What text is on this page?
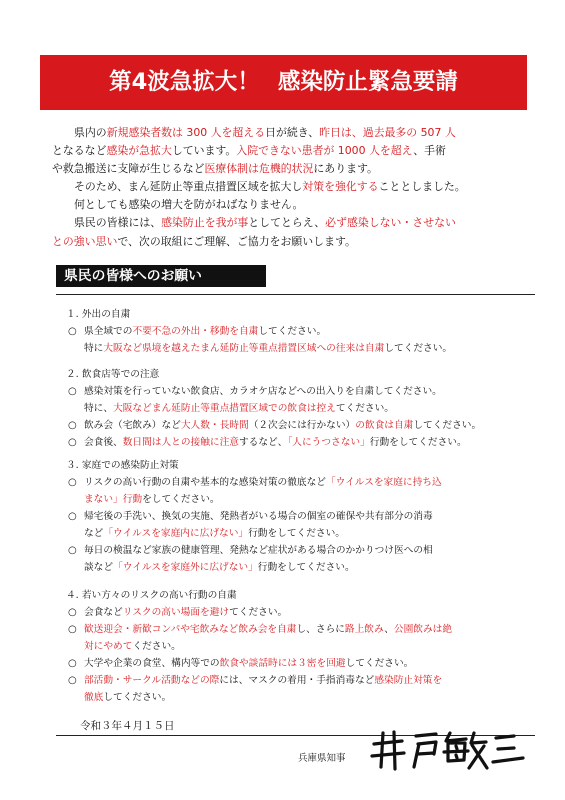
第4波急拡大！ 感染防止緊急要請

県内の新規感染者数は 300 人を超える日が続き、昨日は、過去最多の 507 人

となるなど感染が急拡大しています。入院できない患者が 1000 人を超え、手術

や救急搬送に支障が生じるなど医療体制は危機的状況にあります。

そのため、まん延防止等重点措置区域を拡大し対策を強化することとしました。

何としても感染の増大を防がねばなりません。

県民の皆様には、感染防止を我が事としてとらえ、必ず感染しない・させない

との強い思いで、次の取組にご理解、ご協力をお願いします。

県民の皆様へのお願い
１. 外出の自粛
○ 県全域での不要不急の外出・移動を自粛してください。
特に大阪など県境を越えたまん延防止等重点措置区域への往来は自粛してください。
２. 飲食店等での注意
○ 感染対策を行っていない飲食店、カラオケ店などへの出入りを自粛してください。
特に、大阪などまん延防止等重点措置区域での飲食は控えてください。
○ 飲み会（宅飲み）など大人数・長時間（２次会には行かない）の飲食は自粛してください。
○ 会食後、数日間は人との接触に注意するなど、「人にうつさない」行動をしてください。
３. 家庭での感染防止対策
○ リスクの高い行動の自粛や基本的な感染対策の徹底など「ウイルスを家庭に持ち込
まない」行動をしてください。
○ 帰宅後の手洗い、換気の実施、発熱者がいる場合の個室の確保や共有部分の消毒
など「ウイルスを家庭内に広げない」行動をしてください。
○ 毎日の検温など家族の健康管理、発熱など症状がある場合のかかりつけ医への相
談など「ウイルスを家庭外に広げない」行動をしてください。
４. 若い方々のリスクの高い行動の自粛
○ 会食などリスクの高い場面を避けてください。
○ 歓送迎会・新歓コンパや宅飲みなど飲み会を自粛し、さらに路上飲み、公園飲みは絶
対にやめてください。
○ 大学や企業の食堂、構内等での飲食や談話時には３密を回避してください。
○ 部活動・サークル活動などの際には、マスクの着用・手指消毒など感染防止対策を
徹底してください。
令和３年４月１５日
兵庫県知事
